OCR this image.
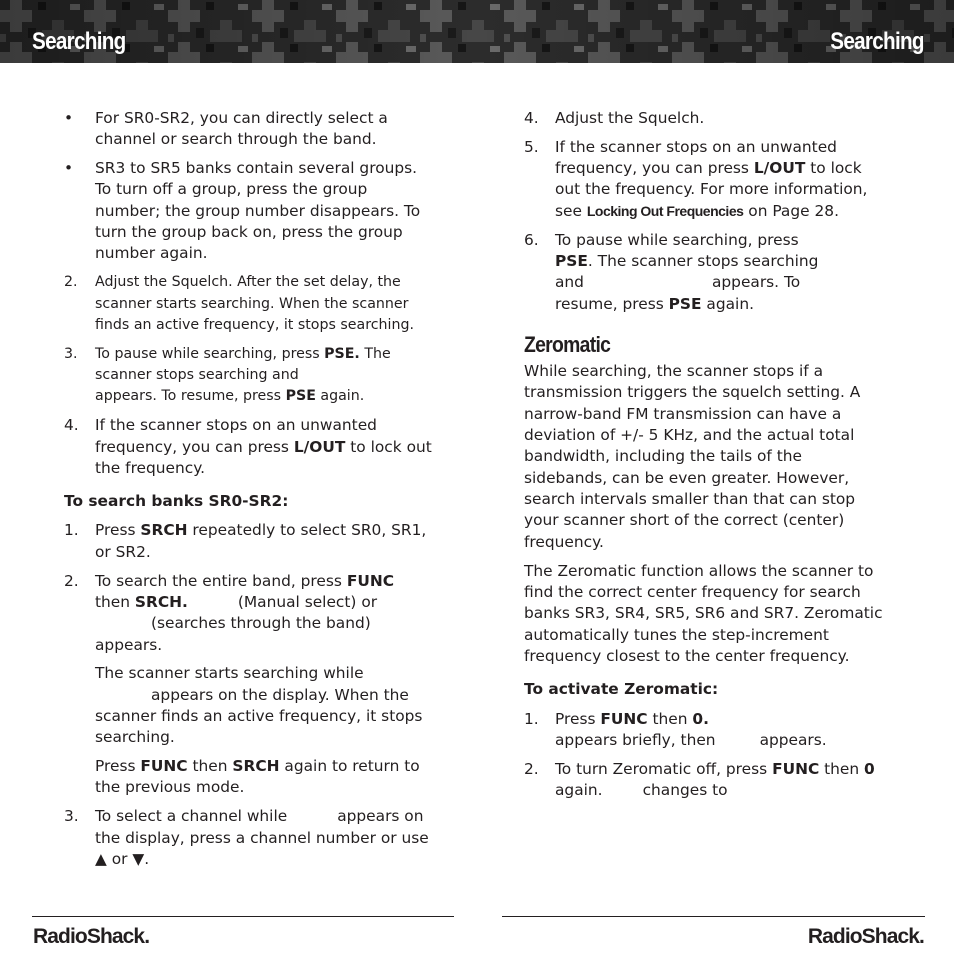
Searching	Searching
• For SR0-SR2, you can directly select a channel or search through the band.
• SR3 to SR5 banks contain several groups. To turn off a group, press the group number; the group number disappears. To turn the group back on, press the group number again.
2. Adjust the Squelch. After the set delay, the scanner starts searching. When the scanner finds an active frequency, it stops searching.
3. To pause while searching, press PSE. The scanner stops searching and
appears. To resume, press PSE again.
4. If the scanner stops on an unwanted frequency, you can press L/OUT to lock out the frequency.
To search banks SR0-SR2:
1. Press SRCH repeatedly to select SR0, SR1, or SR2.
2. To search the entire band, press FUNC
then SRCH.	(Manual select) or
(searches through the band) appears.
The scanner starts searching while
appears on the display. When the scanner finds an active frequency, it stops searching.
Press FUNC then SRCH again to return to the previous mode.
3. To select a channel while	appears on the display, press a channel number or use ▲ or ▼.
4. Adjust the Squelch.
5. If the scanner stops on an unwanted frequency, you can press L/OUT to lock out the frequency. For more information, see Locking Out Frequencies on Page 28.
6. To pause while searching, press
PSE. The scanner stops searching
and	appears. To
resume, press PSE again.
Zeromatic
While searching, the scanner stops if a transmission triggers the squelch setting. A narrow-band FM transmission can have a deviation of +/- 5 KHz, and the actual total bandwidth, including the tails of the sidebands, can be even greater. However, search intervals smaller than that can stop your scanner short of the correct (center) frequency.
The Zeromatic function allows the scanner to find the correct center frequency for search banks SR3, SR4, SR5, SR6 and SR7. Zeromatic automatically tunes the step-increment frequency closest to the center frequency.
To activate Zeromatic:
1. Press FUNC then 0.
appears briefly, then	appears.
2. To turn Zeromatic off, press FUNC then 0
again.	changes to
RadioShack.	RadioShack.
